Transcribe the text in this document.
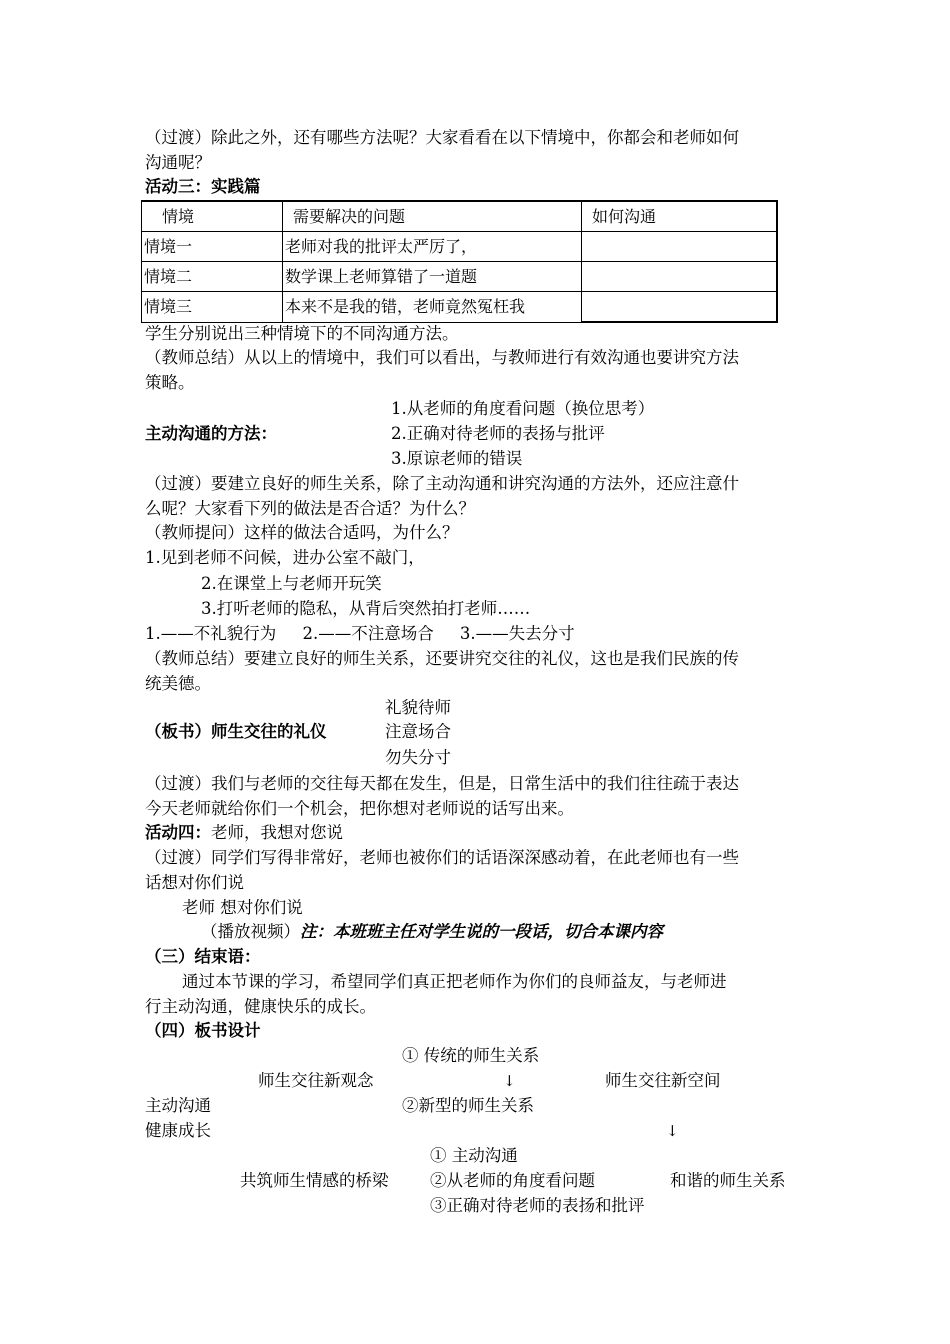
（过渡）除此之外，还有哪些方法呢？大家看看在以下情境中，你都会和老师如何
沟通呢？
活动三：实践篇
情境	需要解决的问题	如何沟通
情境一	老师对我的批评太严厉了，	
情境二	数学课上老师算错了一道题	
情境三	本来不是我的错，老师竟然冤枉我	
学生分别说出三种情境下的不同沟通方法。
（教师总结）从以上的情境中，我们可以看出，与教师进行有效沟通也要讲究方法
策略。
1.从老师的角度看问题（换位思考）
主动沟通的方法：	2.正确对待老师的表扬与批评
3.原谅老师的错误
（过渡）要建立良好的师生关系，除了主动沟通和讲究沟通的方法外，还应注意什
么呢？大家看下列的做法是否合适？为什么？
（教师提问）这样的做法合适吗，为什么？
1.见到老师不问候，进办公室不敲门，
2.在课堂上与老师开玩笑
3.打听老师的隐私，从背后突然拍打老师……
1.——不礼貌行为     2.——不注意场合     3.——失去分寸
（教师总结）要建立良好的师生关系，还要讲究交往的礼仪，这也是我们民族的传
统美德。
礼貌待师
（板书）师生交往的礼仪	注意场合
勿失分寸
（过渡）我们与老师的交往每天都在发生，但是，日常生活中的我们往往疏于表达
今天老师就给你们一个机会，把你想对老师说的话写出来。
活动四：老师，我想对您说
（过渡）同学们写得非常好，老师也被你们的话语深深感动着，在此老师也有一些
话想对你们说
老师 想对你们说
（播放视频）注：本班班主任对学生说的一段话，切合本课内容
（三）结束语：
通过本节课的学习，希望同学们真正把老师作为你们的良师益友，与老师进
行主动沟通，健康快乐的成长。
（四）板书设计
① 传统的师生关系
师生交往新观念	↓	师生交往新空间
主动沟通	②新型的师生关系
健康成长	↓
① 主动沟通
共筑师生情感的桥梁	②从老师的角度看问题	和谐的师生关系
③正确对待老师的表扬和批评
